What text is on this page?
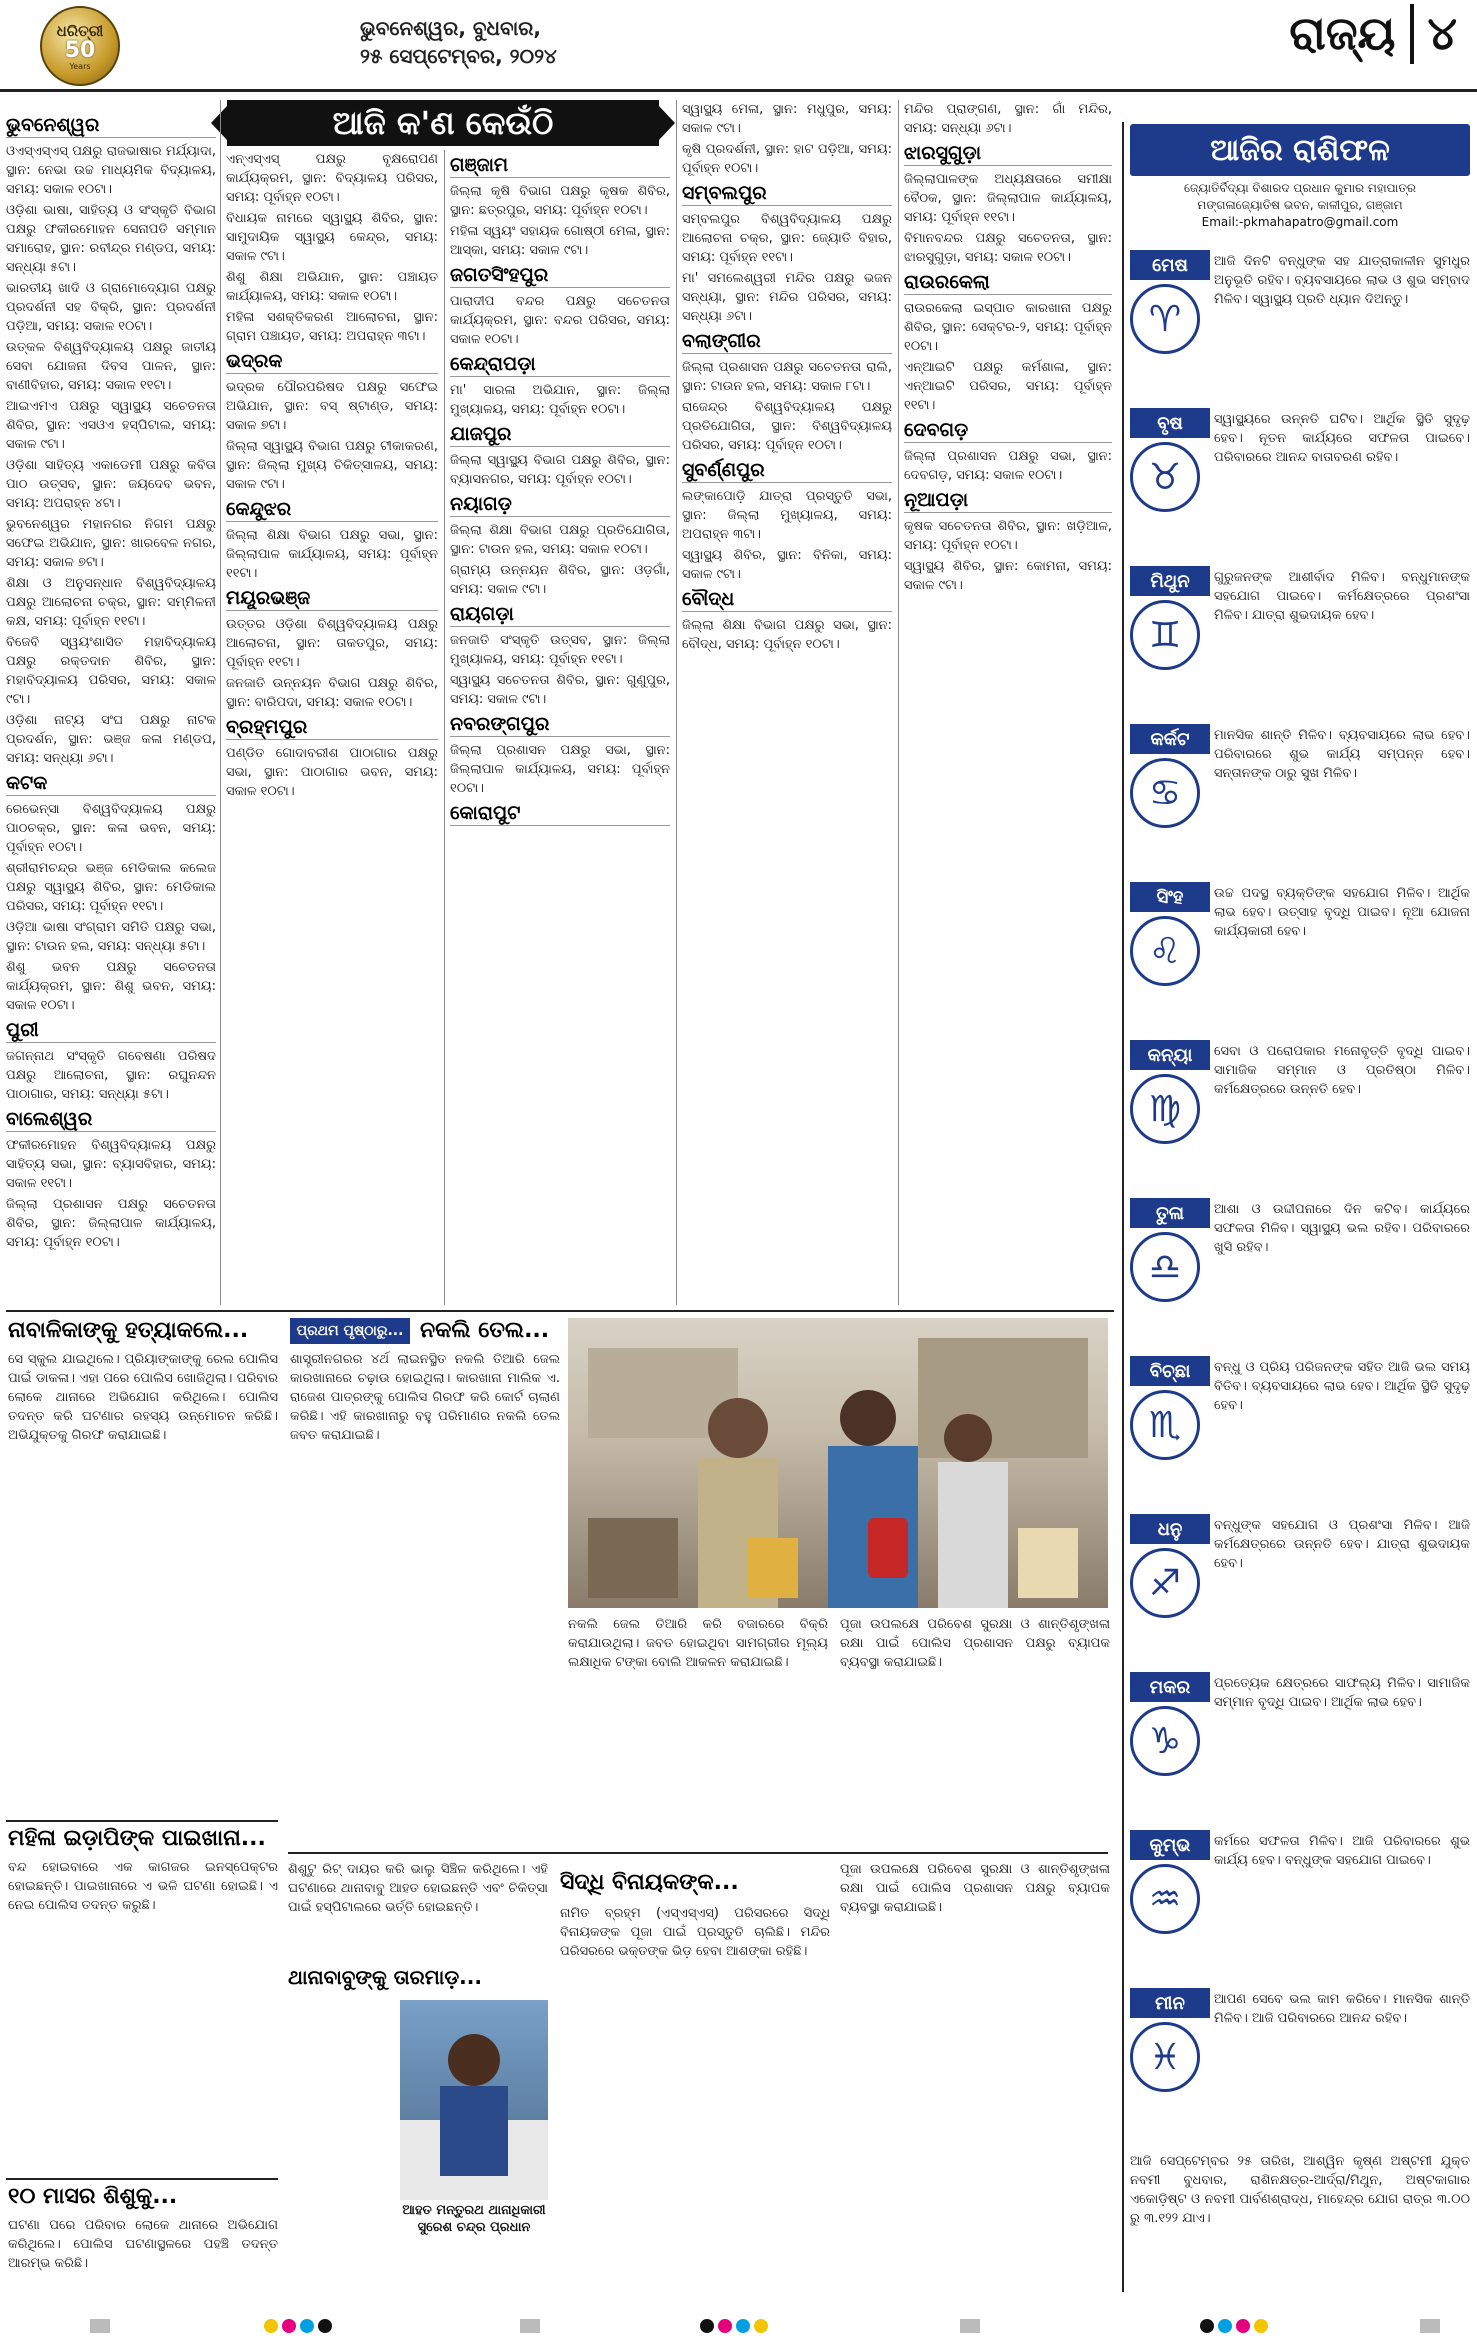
ଧରିତ୍ରୀ
50
Years
ଭୁବନେଶ୍ୱର, ବୁଧବାର,
୨୫ ସେପ୍ଟେମ୍ବର, ୨୦୨୪	ରାଜ୍ୟ ୪
ଆଜି କ'ଣ କେଉଁଠି
ଭୁବନେଶ୍ୱର

ଓଏସ୍ଏସ୍ଏସ୍ ପକ୍ଷରୁ ରାଜଭାଷାର ମର୍ଯ୍ୟାଦା, ସ୍ଥାନ: ନେଭା ଉଚ୍ଚ ମାଧ୍ୟମିକ ବିଦ୍ୟାଳୟ, ସମୟ: ସକାଳ ୧୦ଟା।

ଓଡ଼ିଶା ଭାଷା, ସାହିତ୍ୟ ଓ ସଂସ୍କୃତି ବିଭାଗ ପକ୍ଷରୁ ଫକୀରମୋହନ ସେନାପତି ସମ୍ମାନ ସମାରୋହ, ସ୍ଥାନ: ରବୀନ୍ଦ୍ର ମଣ୍ଡପ, ସମୟ: ସନ୍ଧ୍ୟା ୫ଟା।

ଭାରତୀୟ ଖାଦି ଓ ଗ୍ରାମୋଦ୍ୟୋଗ ପକ୍ଷରୁ ପ୍ରଦର୍ଶନୀ ସହ ବିକ୍ରି, ସ୍ଥାନ: ପ୍ରଦର୍ଶନୀ ପଡ଼ିଆ, ସମୟ: ସକାଳ ୧୦ଟା।

ଉତ୍କଳ ବିଶ୍ୱବିଦ୍ୟାଳୟ ପକ୍ଷରୁ ଜାତୀୟ ସେବା ଯୋଜନା ଦିବସ ପାଳନ, ସ୍ଥାନ: ବାଣୀବିହାର, ସମୟ: ସକାଳ ୧୧ଟା।

ଆଇଏମଏ ପକ୍ଷରୁ ସ୍ୱାସ୍ଥ୍ୟ ସଚେତନତା ଶିବିର, ସ୍ଥାନ: ଏସଓଏ ହସ୍ପିଟାଲ, ସମୟ: ସକାଳ ୯ଟା।

ଓଡ଼ିଶା ସାହିତ୍ୟ ଏକାଡେମୀ ପକ୍ଷରୁ କବିତା ପାଠ ଉତ୍ସବ, ସ୍ଥାନ: ଜୟଦେବ ଭବନ, ସମୟ: ଅପରାହ୍ନ ୪ଟା।

ଭୁବନେଶ୍ୱର ମହାନଗର ନିଗମ ପକ୍ଷରୁ ସଫେଇ ଅଭିଯାନ, ସ୍ଥାନ: ଖାରବେଳ ନଗର, ସମୟ: ସକାଳ ୭ଟା।

ଶିକ୍ଷା ଓ ଅନୁସନ୍ଧାନ ବିଶ୍ୱବିଦ୍ୟାଳୟ ପକ୍ଷରୁ ଆଲୋଚନା ଚକ୍ର, ସ୍ଥାନ: ସମ୍ମିଳନୀ କକ୍ଷ, ସମୟ: ପୂର୍ବାହ୍ନ ୧୧ଟା।

ବିଜେବି ସ୍ୱୟଂଶାସିତ ମହାବିଦ୍ୟାଳୟ ପକ୍ଷରୁ ରକ୍ତଦାନ ଶିବିର, ସ୍ଥାନ: ମହାବିଦ୍ୟାଳୟ ପରିସର, ସମୟ: ସକାଳ ୯ଟା।

ଓଡ଼ିଶା ନାଟ୍ୟ ସଂଘ ପକ୍ଷରୁ ନାଟକ ପ୍ରଦର୍ଶନ, ସ୍ଥାନ: ଭଞ୍ଜ କଳା ମଣ୍ଡପ, ସମୟ: ସନ୍ଧ୍ୟା ୬ଟା।

କଟକ

ରେଭେନ୍ସା ବିଶ୍ୱବିଦ୍ୟାଳୟ ପକ୍ଷରୁ ପାଠଚକ୍ର, ସ୍ଥାନ: କଳା ଭବନ, ସମୟ: ପୂର୍ବାହ୍ନ ୧୦ଟା।

ଶ୍ରୀରାମଚନ୍ଦ୍ର ଭଞ୍ଜ ମେଡିକାଲ କଲେଜ ପକ୍ଷରୁ ସ୍ୱାସ୍ଥ୍ୟ ଶିବିର, ସ୍ଥାନ: ମେଡିକାଲ ପରିସର, ସମୟ: ପୂର୍ବାହ୍ନ ୧୧ଟା।

ଓଡ଼ିଆ ଭାଷା ସଂଗ୍ରାମ ସମିତି ପକ୍ଷରୁ ସଭା, ସ୍ଥାନ: ଟାଉନ ହଲ, ସମୟ: ସନ୍ଧ୍ୟା ୫ଟା।

ଶିଶୁ ଭବନ ପକ୍ଷରୁ ସଚେତନତା କାର୍ଯ୍ୟକ୍ରମ, ସ୍ଥାନ: ଶିଶୁ ଭବନ, ସମୟ: ସକାଳ ୧୦ଟା।

ପୁରୀ

ଜଗନ୍ନାଥ ସଂସ୍କୃତି ଗବେଷଣା ପରିଷଦ ପକ୍ଷରୁ ଆଲୋଚନା, ସ୍ଥାନ: ରଘୁନନ୍ଦନ ପାଠାଗାର, ସମୟ: ସନ୍ଧ୍ୟା ୫ଟା।

ବାଲେଶ୍ୱର

ଫକୀରମୋହନ ବିଶ୍ୱବିଦ୍ୟାଳୟ ପକ୍ଷରୁ ସାହିତ୍ୟ ସଭା, ସ୍ଥାନ: ବ୍ୟାସବିହାର, ସମୟ: ସକାଳ ୧୧ଟା।

ଜିଲ୍ଲା ପ୍ରଶାସନ ପକ୍ଷରୁ ସଚେତନତା ଶିବିର, ସ୍ଥାନ: ଜିଲ୍ଲାପାଳ କାର୍ଯ୍ୟାଳୟ, ସମୟ: ପୂର୍ବାହ୍ନ ୧୦ଟା।

ଏନ୍ଏସ୍ଏସ୍ ପକ୍ଷରୁ ବୃକ୍ଷରୋପଣ କାର୍ଯ୍ୟକ୍ରମ, ସ୍ଥାନ: ବିଦ୍ୟାଳୟ ପରିସର, ସମୟ: ପୂର୍ବାହ୍ନ ୧୦ଟା।

ବିଧାୟକ ନାମରେ ସ୍ୱାସ୍ଥ୍ୟ ଶିବିର, ସ୍ଥାନ: ସାମୁଦାୟିକ ସ୍ୱାସ୍ଥ୍ୟ କେନ୍ଦ୍ର, ସମୟ: ସକାଳ ୯ଟା।

ଶିଶୁ ଶିକ୍ଷା ଅଭିଯାନ, ସ୍ଥାନ: ପଞ୍ଚାୟତ କାର୍ଯ୍ୟାଳୟ, ସମୟ: ସକାଳ ୧୦ଟା।

ମହିଳା ସଶକ୍ତିକରଣ ଆଲୋଚନା, ସ୍ଥାନ: ଗ୍ରାମ ପଞ୍ଚାୟତ, ସମୟ: ଅପରାହ୍ନ ୩ଟା।

ଭଦ୍ରକ

ଭଦ୍ରକ ପୌରପରିଷଦ ପକ୍ଷରୁ ସଫେଇ ଅଭିଯାନ, ସ୍ଥାନ: ବସ୍ ଷ୍ଟାଣ୍ଡ, ସମୟ: ସକାଳ ୭ଟା।

ଜିଲ୍ଲା ସ୍ୱାସ୍ଥ୍ୟ ବିଭାଗ ପକ୍ଷରୁ ଟୀକାକରଣ, ସ୍ଥାନ: ଜିଲ୍ଲା ମୁଖ୍ୟ ଚିକିତ୍ସାଳୟ, ସମୟ: ସକାଳ ୯ଟା।

କେନ୍ଦୁଝର

ଜିଲ୍ଲା ଶିକ୍ଷା ବିଭାଗ ପକ୍ଷରୁ ସଭା, ସ୍ଥାନ: ଜିଲ୍ଲାପାଳ କାର୍ଯ୍ୟାଳୟ, ସମୟ: ପୂର୍ବାହ୍ନ ୧୧ଟା।

ମୟୂରଭଞ୍ଜ

ଉତ୍ତର ଓଡ଼ିଶା ବିଶ୍ୱବିଦ୍ୟାଳୟ ପକ୍ଷରୁ ଆଲୋଚନା, ସ୍ଥାନ: ତାକତପୁର, ସମୟ: ପୂର୍ବାହ୍ନ ୧୧ଟା।

ଜନଜାତି ଉନ୍ନୟନ ବିଭାଗ ପକ୍ଷରୁ ଶିବିର, ସ୍ଥାନ: ବାରିପଦା, ସମୟ: ସକାଳ ୧୦ଟା।

ବ୍ରହ୍ମପୁର

ପଣ୍ଡିତ ଗୋଦାବରୀଶ ପାଠାଗାର ପକ୍ଷରୁ ସଭା, ସ୍ଥାନ: ପାଠାଗାର ଭବନ, ସମୟ: ସକାଳ ୧୦ଟା।

ଗଞ୍ଜାମ

ଜିଲ୍ଲା କୃଷି ବିଭାଗ ପକ୍ଷରୁ କୃଷକ ଶିବିର, ସ୍ଥାନ: ଛତ୍ରପୁର, ସମୟ: ପୂର୍ବାହ୍ନ ୧୦ଟା।

ମହିଳା ସ୍ୱୟଂ ସହାୟକ ଗୋଷ୍ଠୀ ମେଳା, ସ୍ଥାନ: ଆସ୍କା, ସମୟ: ସକାଳ ୯ଟା।

ଜଗତସିଂହପୁର

ପାରାଦୀପ ବନ୍ଦର ପକ୍ଷରୁ ସଚେତନତା କାର୍ଯ୍ୟକ୍ରମ, ସ୍ଥାନ: ବନ୍ଦର ପରିସର, ସମୟ: ସକାଳ ୧୦ଟା।

କେନ୍ଦ୍ରାପଡ଼ା

ମା' ସାରଳା ଅଭିଯାନ, ସ୍ଥାନ: ଜିଲ୍ଲା ମୁଖ୍ୟାଳୟ, ସମୟ: ପୂର୍ବାହ୍ନ ୧୦ଟା।

ଯାଜପୁର

ଜିଲ୍ଲା ସ୍ୱାସ୍ଥ୍ୟ ବିଭାଗ ପକ୍ଷରୁ ଶିବିର, ସ୍ଥାନ: ବ୍ୟାସନଗର, ସମୟ: ପୂର୍ବାହ୍ନ ୧୦ଟା।

ନୟାଗଡ଼

ଜିଲ୍ଲା ଶିକ୍ଷା ବିଭାଗ ପକ୍ଷରୁ ପ୍ରତିଯୋଗିତା, ସ୍ଥାନ: ଟାଉନ ହଲ, ସମୟ: ସକାଳ ୧୦ଟା।

ଗ୍ରାମ୍ୟ ଉନ୍ନୟନ ଶିବିର, ସ୍ଥାନ: ଓଡ଼ଗାଁ, ସମୟ: ସକାଳ ୯ଟା।

ରାୟଗଡ଼ା

ଜନଜାତି ସଂସ୍କୃତି ଉତ୍ସବ, ସ୍ଥାନ: ଜିଲ୍ଲା ମୁଖ୍ୟାଳୟ, ସମୟ: ପୂର୍ବାହ୍ନ ୧୧ଟା।

ସ୍ୱାସ୍ଥ୍ୟ ସଚେତନତା ଶିବିର, ସ୍ଥାନ: ଗୁଣୁପୁର, ସମୟ: ସକାଳ ୯ଟା।

ନବରଙ୍ଗପୁର

ଜିଲ୍ଲା ପ୍ରଶାସନ ପକ୍ଷରୁ ସଭା, ସ୍ଥାନ: ଜିଲ୍ଲାପାଳ କାର୍ଯ୍ୟାଳୟ, ସମୟ: ପୂର୍ବାହ୍ନ ୧୦ଟା।

କୋରାପୁଟ

ସ୍ୱାସ୍ଥ୍ୟ ମେଳା, ସ୍ଥାନ: ମଧୁପୁର, ସମୟ: ସକାଳ ୯ଟା।

କୃଷି ପ୍ରଦର୍ଶନୀ, ସ୍ଥାନ: ହାଟ ପଡ଼ିଆ, ସମୟ: ପୂର୍ବାହ୍ନ ୧୦ଟା।

ସମ୍ବଲପୁର

ସମ୍ବଲପୁର ବିଶ୍ୱବିଦ୍ୟାଳୟ ପକ୍ଷରୁ ଆଲୋଚନା ଚକ୍ର, ସ୍ଥାନ: ଜ୍ୟୋତି ବିହାର, ସମୟ: ପୂର୍ବାହ୍ନ ୧୧ଟା।

ମା' ସମଲେଶ୍ୱରୀ ମନ୍ଦିର ପକ୍ଷରୁ ଭଜନ ସନ୍ଧ୍ୟା, ସ୍ଥାନ: ମନ୍ଦିର ପରିସର, ସମୟ: ସନ୍ଧ୍ୟା ୬ଟା।

ବଲାଙ୍ଗୀର

ଜିଲ୍ଲା ପ୍ରଶାସନ ପକ୍ଷରୁ ସଚେତନତା ରାଲି, ସ୍ଥାନ: ଟାଉନ ହଲ, ସମୟ: ସକାଳ ୮ଟା।

ରାଜେନ୍ଦ୍ର ବିଶ୍ୱବିଦ୍ୟାଳୟ ପକ୍ଷରୁ ପ୍ରତିଯୋଗିତା, ସ୍ଥାନ: ବିଶ୍ୱବିଦ୍ୟାଳୟ ପରିସର, ସମୟ: ପୂର୍ବାହ୍ନ ୧୦ଟା।

ସୁବର୍ଣ୍ଣପୁର

ଲଙ୍କାପୋଡ଼ି ଯାତ୍ରା ପ୍ରସ୍ତୁତି ସଭା, ସ୍ଥାନ: ଜିଲ୍ଲା ମୁଖ୍ୟାଳୟ, ସମୟ: ଅପରାହ୍ନ ୩ଟା।

ସ୍ୱାସ୍ଥ୍ୟ ଶିବିର, ସ୍ଥାନ: ବିନିକା, ସମୟ: ସକାଳ ୯ଟା।

ବୌଦ୍ଧ

ଜିଲ୍ଲା ଶିକ୍ଷା ବିଭାଗ ପକ୍ଷରୁ ସଭା, ସ୍ଥାନ: ବୌଦ୍ଧ, ସମୟ: ପୂର୍ବାହ୍ନ ୧୦ଟା।

ମନ୍ଦିର ପ୍ରାଙ୍ଗଣ, ସ୍ଥାନ: ଗାଁ ମନ୍ଦିର, ସମୟ: ସନ୍ଧ୍ୟା ୬ଟା।

ଝାରସୁଗୁଡ଼ା

ଜିଲ୍ଲାପାଳଙ୍କ ଅଧ୍ୟକ୍ଷତାରେ ସମୀକ୍ଷା ବୈଠକ, ସ୍ଥାନ: ଜିଲ୍ଲାପାଳ କାର୍ଯ୍ୟାଳୟ, ସମୟ: ପୂର୍ବାହ୍ନ ୧୧ଟା।

ବିମାନବନ୍ଦର ପକ୍ଷରୁ ସଚେତନତା, ସ୍ଥାନ: ଝାରସୁଗୁଡ଼ା, ସମୟ: ସକାଳ ୧୦ଟା।

ରାଉରକେଲା

ରାଉରକେଲା ଇସ୍ପାତ କାରଖାନା ପକ୍ଷରୁ ଶିବିର, ସ୍ଥାନ: ସେକ୍ଟର-୨, ସମୟ: ପୂର୍ବାହ୍ନ ୧୦ଟା।

ଏନ୍ଆଇଟି ପକ୍ଷରୁ କର୍ମଶାଳା, ସ୍ଥାନ: ଏନ୍ଆଇଟି ପରିସର, ସମୟ: ପୂର୍ବାହ୍ନ ୧୧ଟା।

ଦେବଗଡ଼

ଜିଲ୍ଲା ପ୍ରଶାସନ ପକ୍ଷରୁ ସଭା, ସ୍ଥାନ: ଦେବଗଡ଼, ସମୟ: ସକାଳ ୧୦ଟା।

ନୂଆପଡ଼ା

କୃଷକ ସଚେତନତା ଶିବିର, ସ୍ଥାନ: ଖଡ଼ିଆଳ, ସମୟ: ପୂର୍ବାହ୍ନ ୧୦ଟା।

ସ୍ୱାସ୍ଥ୍ୟ ଶିବିର, ସ୍ଥାନ: କୋମନା, ସମୟ: ସକାଳ ୯ଟା।

ନାବାଳିକାଙ୍କୁ ହତ୍ୟାକଲେ...
ସେ ସ୍କୁଲ ଯାଇଥିଲେ। ପ୍ରିୟାଙ୍କାଙ୍କୁ ରେଲ ପୋଲିସ ପାଇଁ ଡାକଳା। ଏହା ପରେ ପୋଲିସ ଖୋଜିଥିଲା। ପରିବାର ଲୋକେ ଥାନାରେ ଅଭିଯୋଗ କରିଥିଲେ। ପୋଲିସ ତଦନ୍ତ କରି ଘଟଣାର ରହସ୍ୟ ଉନ୍ମୋଚନ କରିଛି। ଅଭିଯୁକ୍ତକୁ ଗିରଫ କରାଯାଇଛି।
ପ୍ରଥମ ପୃଷ୍ଠାରୁ... ନକଲି ତେଲ...
ଶାସ୍ତ୍ରୀନଗରର ୪ର୍ଥ ଲାଇନସ୍ଥିତ ନକଲି ତିଆରି ଜେଲ କାରଖାନାରେ ଚଢ଼ାଉ ହୋଇଥିଲା। କାରଖାନା ମାଲିକ ଏ. ରାଜେଶ ପାତ୍ରଙ୍କୁ ପୋଲିସ ଗିରଫ କରି କୋର୍ଟ ଚାଲାଣ କରିଛି। ଏହି କାରଖାନାରୁ ବହୁ ପରିମାଣର ନକଲି ତେଲ ଜବତ କରାଯାଇଛି।
ନକଲି ଜେଲ ତିଆରି କରି ବଜାରରେ ବିକ୍ରି କରାଯାଉଥିଲା। ଜବତ ହୋଇଥିବା ସାମଗ୍ରୀର ମୂଲ୍ୟ ଲକ୍ଷାଧିକ ଟଙ୍କା ବୋଲି ଆକଳନ କରାଯାଇଛି।
ପୂଜା ଉପଲକ୍ଷେ ପରିବେଶ ସୁରକ୍ଷା ଓ ଶାନ୍ତିଶୃଙ୍ଖଳା ରକ୍ଷା ପାଇଁ ପୋଲିସ ପ୍ରଶାସନ ପକ୍ଷରୁ ବ୍ୟାପକ ବ୍ୟବସ୍ଥା କରାଯାଇଛି।
ମହିଳା ଇଡ଼ାପିଙ୍କ ପାଇଖାନା...
ବନ୍ଦ ହୋଇବାରେ ଏକ କାଗଜର ଇନସ୍ପେକ୍ଟର ହୋଇଛନ୍ତି। ପାଇଖାନାରେ ଏ ଭଳି ଘଟଣା ହୋଇଛି। ଏ ନେଇ ପୋଲିସ ତଦନ୍ତ କରୁଛି।
୧୦ ମାସର ଶିଶୁକୁ...
ଘଟଣା ପରେ ପରିବାର ଲୋକେ ଥାନାରେ ଅଭିଯୋଗ କରିଥିଲେ। ପୋଲିସ ଘଟଣାସ୍ଥଳରେ ପହଞ୍ଚି ତଦନ୍ତ ଆରମ୍ଭ କରିଛି।
ଶିଶୁଟୁ ରିଟ୍ ଦାୟର କରି ଭାଲୁ ସିଞ୍ଚିଳ କରିଥିଲେ। ଏହି ଘଟଣାରେ ଥାନାବାବୁ ଆହତ ହୋଇଛନ୍ତି ଏବଂ ଚିକିତ୍ସା ପାଇଁ ହସ୍ପିଟାଲରେ ଭର୍ତ୍ତି ହୋଇଛନ୍ତି।
ଥାନାବାବୁଙ୍କୁ ତାରମାଡ଼...
ଆହତ ମନ୍ତୁରଥ ଥାନାଧିକାରୀ ସୁରେଶ ଚନ୍ଦ୍ର ପ୍ରଧାନ
ସିଦ୍ଧି ବିନାୟକଙ୍କ...
ନାମିତ ବ୍ରହ୍ମ (ଏସ୍ଏସ୍ଏସ୍) ପରିସରରେ ସିଦ୍ଧି ବିନାୟକଙ୍କ ପୂଜା ପାଇଁ ପ୍ରସ୍ତୁତି ଚାଲିଛି। ମନ୍ଦିର ପରିସରରେ ଭକ୍ତଙ୍କ ଭିଡ଼ ହେବା ଆଶଙ୍କା ରହିଛି।
ପୂଜା ଉପଲକ୍ଷେ ପରିବେଶ ସୁରକ୍ଷା ଓ ଶାନ୍ତିଶୃଙ୍ଖଳା ରକ୍ଷା ପାଇଁ ପୋଲିସ ପ୍ରଶାସନ ପକ୍ଷରୁ ବ୍ୟାପକ ବ୍ୟବସ୍ଥା କରାଯାଇଛି।
ଆଜିର ରାଶିଫଳ
ଜ୍ୟୋତିର୍ବିଦ୍ୟା ବିଶାରଦ ପ୍ରଧାନ କୁମାର ମହାପାତ୍ର
ମଙ୍ଗଳାଜ୍ୟୋତିଷ ଭବନ, କାଳୀପୁର, ଗଞ୍ଜାମ
Email:-pkmahapatro@gmail.com
ମେଷ
♈
ଆଜି ଦିନଟି ବନ୍ଧୁଙ୍କ ସହ ଯାତ୍ରାକାଳୀନ ସୁମଧୁର ଅନୁଭୂତି ରହିବ। ବ୍ୟବସାୟରେ ଲାଭ ଓ ଶୁଭ ସମ୍ବାଦ ମିଳିବ। ସ୍ୱାସ୍ଥ୍ୟ ପ୍ରତି ଧ୍ୟାନ ଦିଅନ୍ତୁ।
ବୃଷ
♉
ସ୍ୱାସ୍ଥ୍ୟରେ ଉନ୍ନତି ଘଟିବ। ଆର୍ଥିକ ସ୍ଥିତି ସୁଦୃଢ଼ ହେବ। ନୂତନ କାର୍ଯ୍ୟରେ ସଫଳତା ପାଇବେ। ପରିବାରରେ ଆନନ୍ଦ ବାତାବରଣ ରହିବ।
ମିଥୁନ
♊
ଗୁରୁଜନଙ୍କ ଆଶୀର୍ବାଦ ମିଳିବ। ବନ୍ଧୁମାନଙ୍କ ସହଯୋଗ ପାଇବେ। କର୍ମକ୍ଷେତ୍ରରେ ପ୍ରଶଂସା ମିଳିବ। ଯାତ୍ରା ଶୁଭଦାୟକ ହେବ।
କର୍କଟ
♋
ମାନସିକ ଶାନ୍ତି ମିଳିବ। ବ୍ୟବସାୟରେ ଲାଭ ହେବ। ପରିବାରରେ ଶୁଭ କାର୍ଯ୍ୟ ସମ୍ପନ୍ନ ହେବ। ସନ୍ତାନଙ୍କ ଠାରୁ ସୁଖ ମିଳିବ।
ସିଂହ
♌
ଉଚ୍ଚ ପଦସ୍ଥ ବ୍ୟକ୍ତିଙ୍କ ସହଯୋଗ ମିଳିବ। ଆର୍ଥିକ ଲାଭ ହେବ। ଉତ୍ସାହ ବୃଦ୍ଧି ପାଇବ। ନୂଆ ଯୋଜନା କାର୍ଯ୍ୟକାରୀ ହେବ।
କନ୍ୟା
♍
ସେବା ଓ ପରୋପକାର ମନୋବୃତ୍ତି ବୃଦ୍ଧି ପାଇବ। ସାମାଜିକ ସମ୍ମାନ ଓ ପ୍ରତିଷ୍ଠା ମିଳିବ। କର୍ମକ୍ଷେତ୍ରରେ ଉନ୍ନତି ହେବ।
ତୁଳା
♎
ଆଶା ଓ ଉଦ୍ଦୀପନାରେ ଦିନ କଟିବ। କାର୍ଯ୍ୟରେ ସଫଳତା ମିଳିବ। ସ୍ୱାସ୍ଥ୍ୟ ଭଲ ରହିବ। ପରିବାରରେ ଖୁସି ରହିବ।
ବିଚ୍ଛା
♏
ବନ୍ଧୁ ଓ ପ୍ରିୟ ପରିଜନଙ୍କ ସହିତ ଆଜି ଭଲ ସମୟ ବିତିବ। ବ୍ୟବସାୟରେ ଲାଭ ହେବ। ଆର୍ଥିକ ସ୍ଥିତି ସୁଦୃଢ଼ ହେବ।
ଧନୁ
♐
ବନ୍ଧୁଙ୍କ ସହଯୋଗ ଓ ପ୍ରଶଂସା ମିଳିବ। ଆଜି କର୍ମକ୍ଷେତ୍ରରେ ଉନ୍ନତି ହେବ। ଯାତ୍ରା ଶୁଭଦାୟକ ହେବ।
ମକର
♑
ପ୍ରତ୍ୟେକ କ୍ଷେତ୍ରରେ ସାଫଲ୍ୟ ମିଳିବ। ସାମାଜିକ ସମ୍ମାନ ବୃଦ୍ଧି ପାଇବ। ଆର୍ଥିକ ଲାଭ ହେବ।
କୁମ୍ଭ
♒
କର୍ମରେ ସଫଳତା ମିଳିବ। ଆଜି ପରିବାରରେ ଶୁଭ କାର୍ଯ୍ୟ ହେବ। ବନ୍ଧୁଙ୍କ ସହଯୋଗ ପାଇବେ।
ମୀନ
♓
ଆପଣ ସେବେ ଭଲ କାମ କରିବେ। ମାନସିକ ଶାନ୍ତି ମିଳିବ। ଆଜି ପରିବାରରେ ଆନନ୍ଦ ରହିବ।
ଆଜି ସେପ୍ଟେମ୍ବର ୨୫ ତାରିଖ, ଆଶ୍ୱିନ କୃଷ୍ଣ ଅଷ୍ଟମୀ ଯୁକ୍ତ ନବମୀ ବୁଧବାର, ରାଶିନକ୍ଷତ୍ର-ଆର୍ଦ୍ରା/ମିଥୁନ, ଅଷ୍ଟକାଗାର ଏକୋଡ଼ିଷ୍ଟ ଓ ନବମୀ ପାର୍ବଣଶ୍ରାଦ୍ଧ, ମାହେନ୍ଦ୍ର ଯୋଗ ରାତ୍ର ୩.୦୦ ରୁ ୩.୧୨୨ ଯାଏ।
